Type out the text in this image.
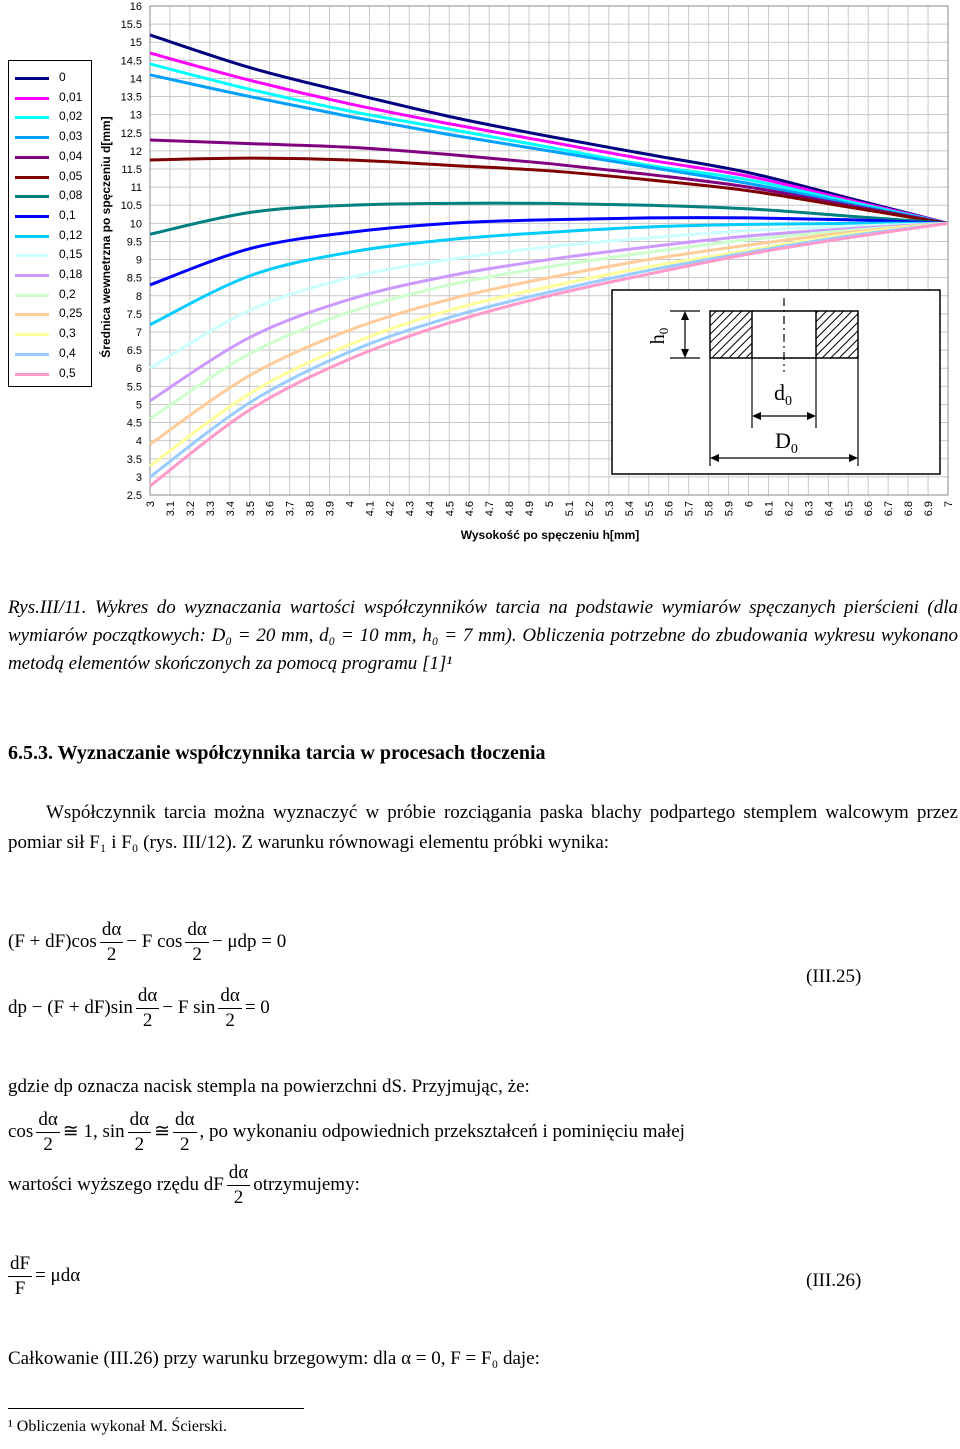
3 3.1 3.2 3.3 3.4 3.5 3.6 3.7 3.8 3.9 4 4.1 4.2 4.3 4.4 4.5 4.6 4.7 4.8 4.9 5 5.1 5.2 5.3 5.4 5.5 5.6 5.7 5.8 5.9 6 6.1 6.2 6.3 6.4 6.5 6.6 6.7 6.8 6.9 7
16
15.5
15
14.5
14
13.5
13
12.5
12
11.5
11
10.5
10
9.5
9
8.5
8
7.5
7
6.5
6
5.5
5
4.5
4
3.5
3
2.5
$h_0$
$d_0$
$D_0$
0
0,01
0,02
0,03
0,04
0,05
0,08
0,1
0,12
0,15
0,18
0,2
0,25
0,3
0,4
0,5
Średnica wewnetrzna po spęczeniu d[mm]
Wysokość po spęczeniu h[mm]
Rys.III/11. Wykres do wyznaczania wartości współczynników tarcia na podstawie wymiarów spęczanych pierścieni (dla wymiarów początkowych: D₀ = 20 mm, d₀ = 10 mm, h₀ = 7 mm). Obliczenia potrzebne do zbudowania wykresu wykonano metodą elementów skończonych za pomocą programu [1]¹
6.5.3. Wyznaczanie współczynnika tarcia w procesach tłoczenia
Współczynnik tarcia można wyznaczyć w próbie rozciągania paska blachy podpartego stemplem walcowym przez pomiar sił F₁ i F₀ (rys. III/12). Z warunku równowagi elementu próbki wynika:
$(F + dF)\cos \frac{d\alpha}{2} - F$ $\cos \frac{d\alpha}{2} - \mu dp = 0$
dp − $(F + dF)\sin \frac{d\alpha}{2} - F$ $\sin \frac{d\alpha}{2} = 0$
(III.25)
gdzie dp oznacza nacisk stempla na powierzchni dS. Przyjmując, że:
$\cos \frac{d\alpha}{2}$ ≅ 1, $\sin \frac{d\alpha}{2}$ ≅ $\frac{d\alpha}{2}$ , po wykonaniu odpowiednich przekształceń i pominięciu małej
wartości wyższego rzędu dF $\frac{d\alpha}{2}$ otrzymujemy:
$\frac{dF}{F} = \mu d\alpha$	(III.26)
Całkowanie (III.26) przy warunku brzegowym: dla α = 0, F = F₀ daje:
¹ Obliczenia wykonał M. Ścierski.
